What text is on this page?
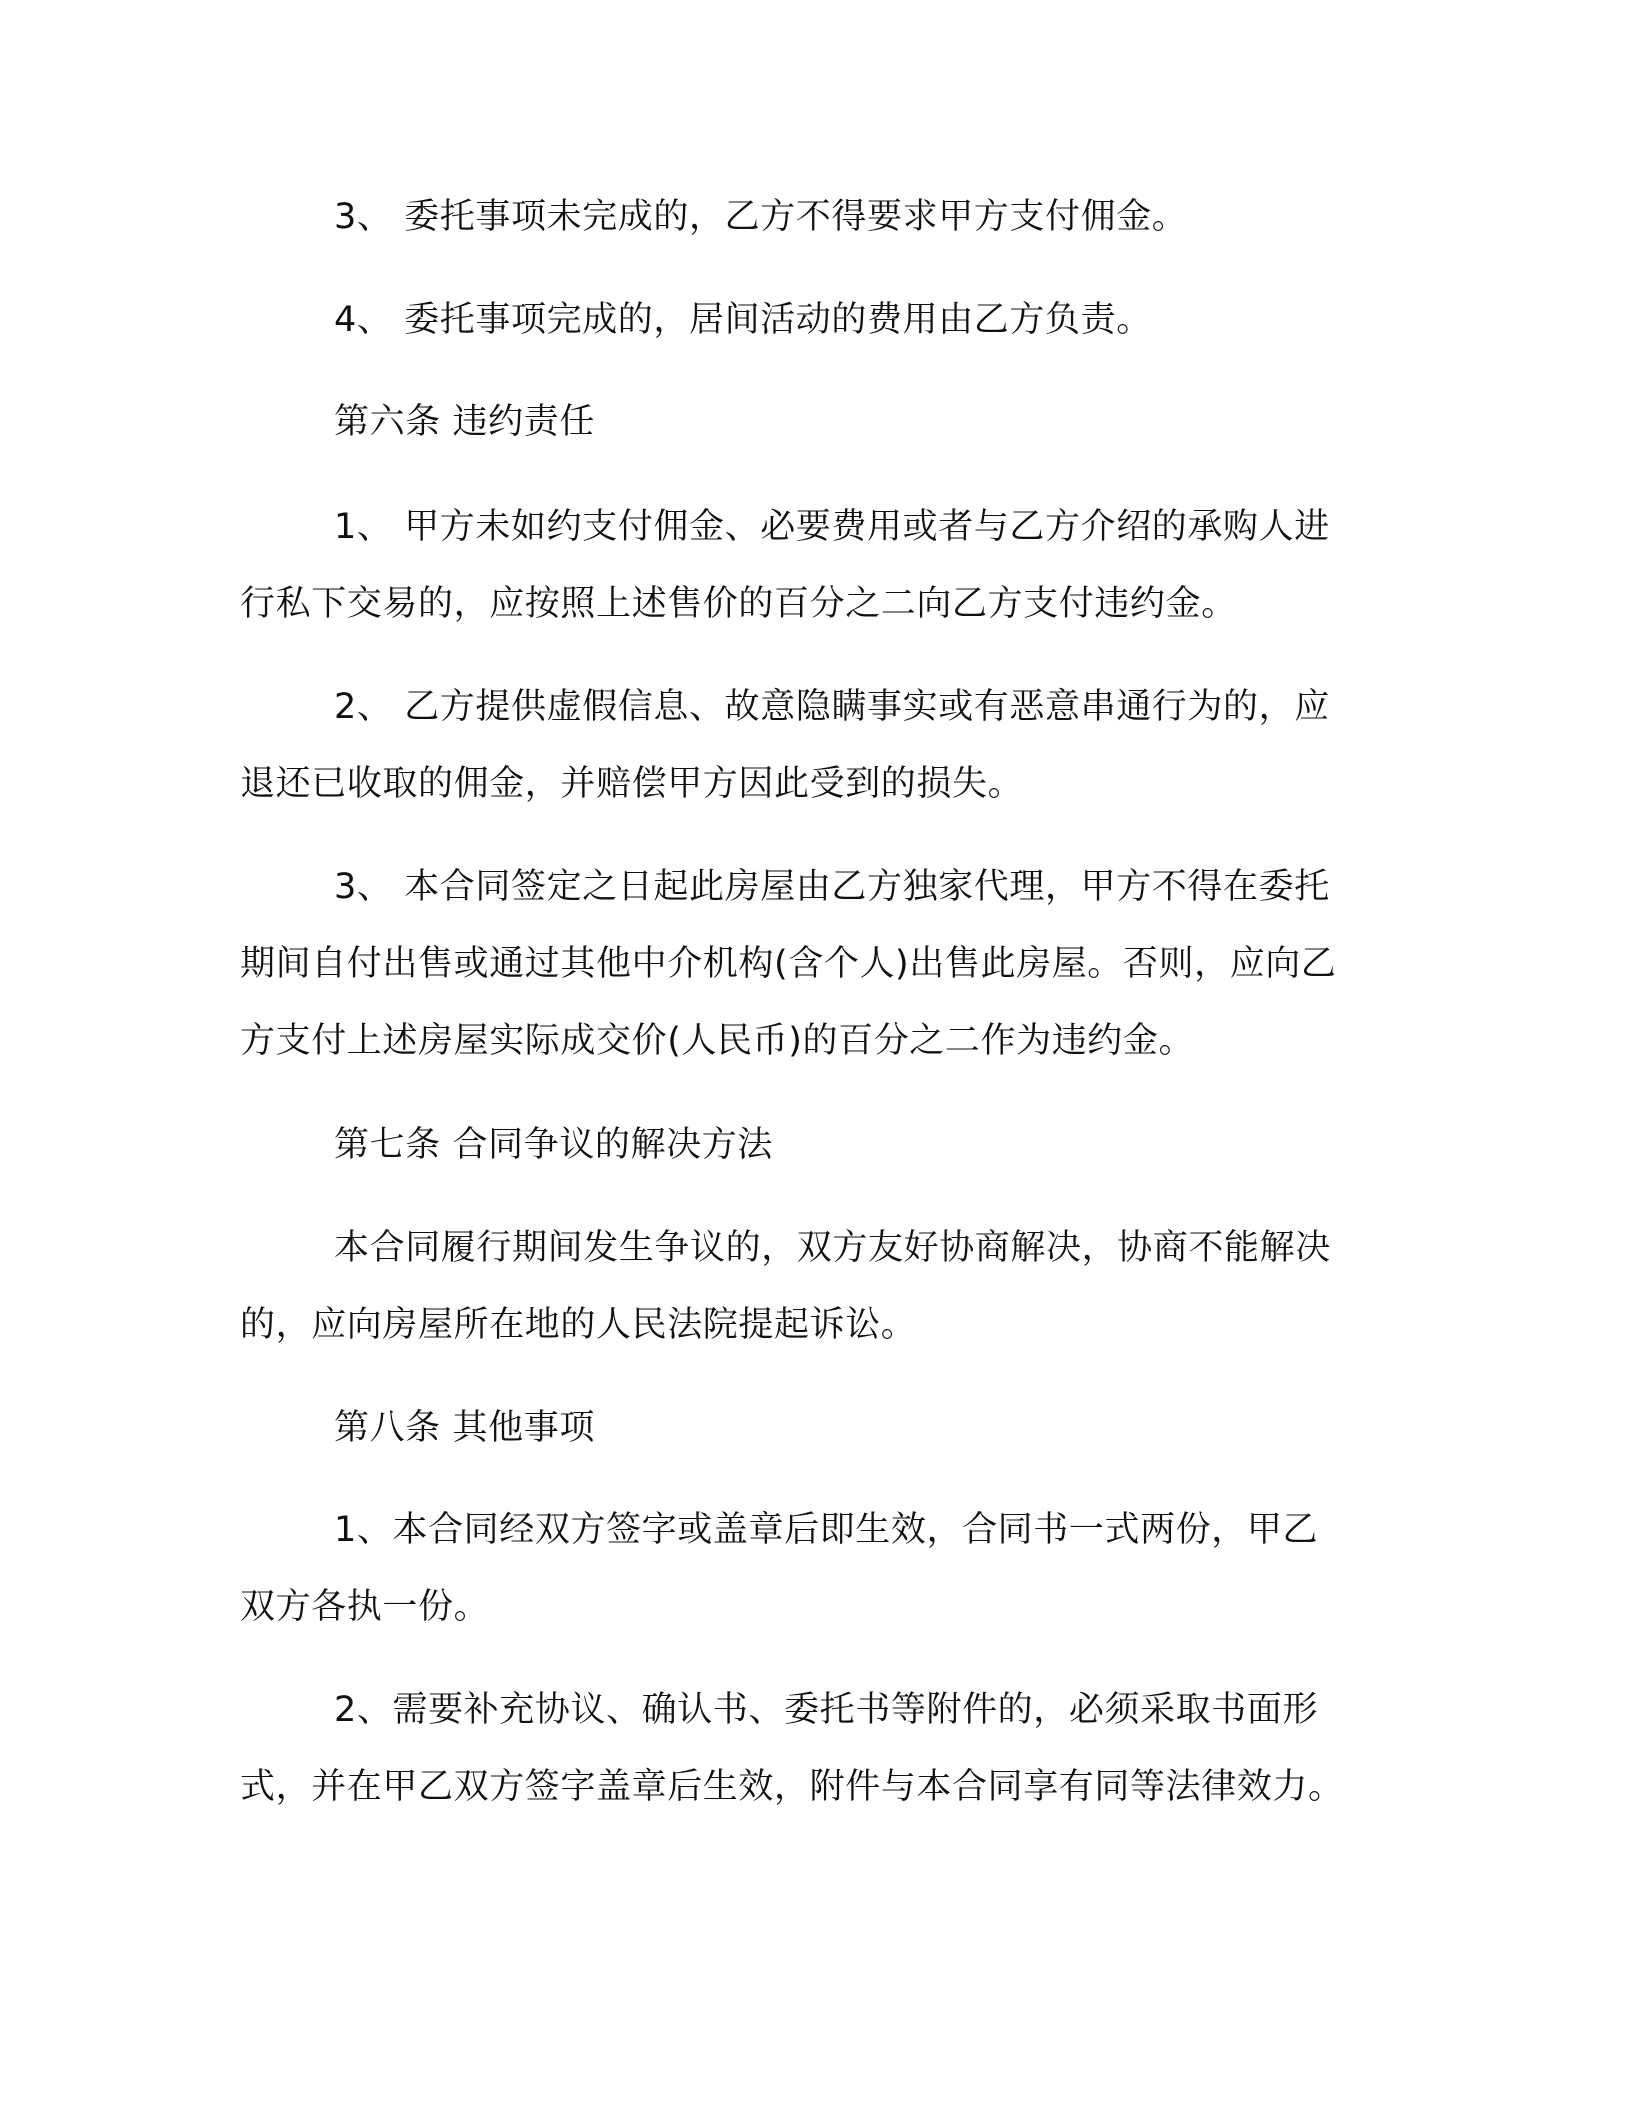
3、 委托事项未完成的，乙方不得要求甲方支付佣金。
4、 委托事项完成的，居间活动的费用由乙方负责。
第六条 违约责任
1、 甲方未如约支付佣金、必要费用或者与乙方介绍的承购人进
行私下交易的，应按照上述售价的百分之二向乙方支付违约金。
2、 乙方提供虚假信息、故意隐瞒事实或有恶意串通行为的，应
退还已收取的佣金，并赔偿甲方因此受到的损失。
3、 本合同签定之日起此房屋由乙方独家代理，甲方不得在委托
期间自付出售或通过其他中介机构(含个人)出售此房屋。否则，应向乙
方支付上述房屋实际成交价(人民币)的百分之二作为违约金。
第七条 合同争议的解决方法
本合同履行期间发生争议的，双方友好协商解决，协商不能解决
的，应向房屋所在地的人民法院提起诉讼。
第八条 其他事项
1、本合同经双方签字或盖章后即生效，合同书一式两份，甲乙
双方各执一份。
2、需要补充协议、确认书、委托书等附件的，必须采取书面形
式，并在甲乙双方签字盖章后生效，附件与本合同享有同等法律效力。
